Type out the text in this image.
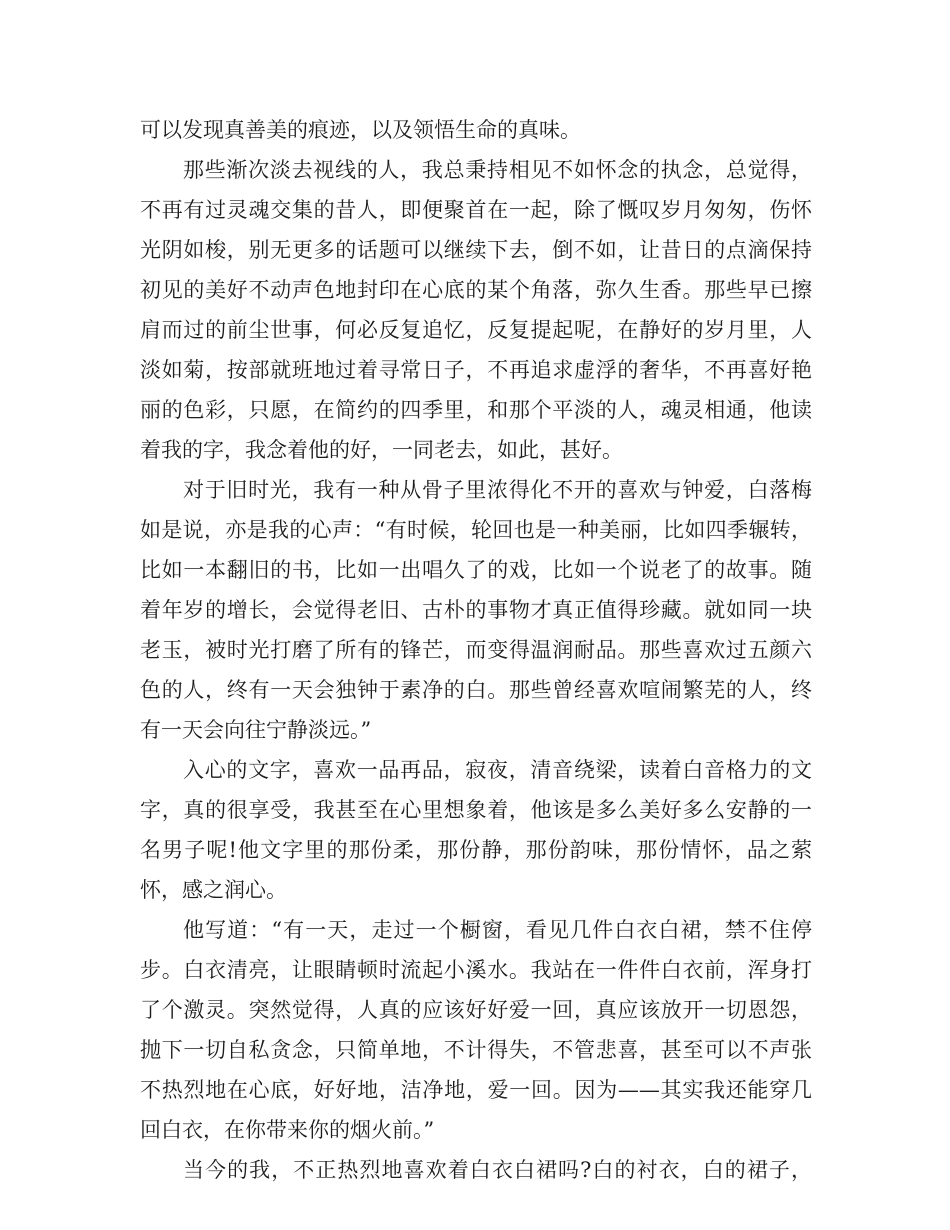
可以发现真善美的痕迹，以及领悟生命的真味。
那些渐次淡去视线的人，我总秉持相见不如怀念的执念，总觉得，
不再有过灵魂交集的昔人，即便聚首在一起，除了慨叹岁月匆匆，伤怀
光阴如梭，别无更多的话题可以继续下去，倒不如，让昔日的点滴保持
初见的美好不动声色地封印在心底的某个角落，弥久生香。那些早已擦
肩而过的前尘世事，何必反复追忆，反复提起呢，在静好的岁月里，人
淡如菊，按部就班地过着寻常日子，不再追求虚浮的奢华，不再喜好艳
丽的色彩，只愿，在简约的四季里，和那个平淡的人，魂灵相通，他读
着我的字，我念着他的好，一同老去，如此，甚好。
对于旧时光，我有一种从骨子里浓得化不开的喜欢与钟爱，白落梅
如是说，亦是我的心声：“有时候，轮回也是一种美丽，比如四季辗转，
比如一本翻旧的书，比如一出唱久了的戏，比如一个说老了的故事。随
着年岁的增长，会觉得老旧、古朴的事物才真正值得珍藏。就如同一块
老玉，被时光打磨了所有的锋芒，而变得温润耐品。那些喜欢过五颜六
色的人，终有一天会独钟于素净的白。那些曾经喜欢喧闹繁芜的人，终
有一天会向往宁静淡远。”
入心的文字，喜欢一品再品，寂夜，清音绕梁，读着白音格力的文
字，真的很享受，我甚至在心里想象着，他该是多么美好多么安静的一
名男子呢!他文字里的那份柔，那份静，那份韵味，那份情怀，品之萦
怀，感之润心。
他写道：“有一天，走过一个橱窗，看见几件白衣白裙，禁不住停
步。白衣清亮，让眼睛顿时流起小溪水。我站在一件件白衣前，浑身打
了个激灵。突然觉得，人真的应该好好爱一回，真应该放开一切恩怨，
抛下一切自私贪念，只简单地，不计得失，不管悲喜，甚至可以不声张
不热烈地在心底，好好地，洁净地，爱一回。因为——其实我还能穿几
回白衣，在你带来你的烟火前。”
当今的我，不正热烈地喜欢着白衣白裙吗?白的衬衣，白的裙子，
